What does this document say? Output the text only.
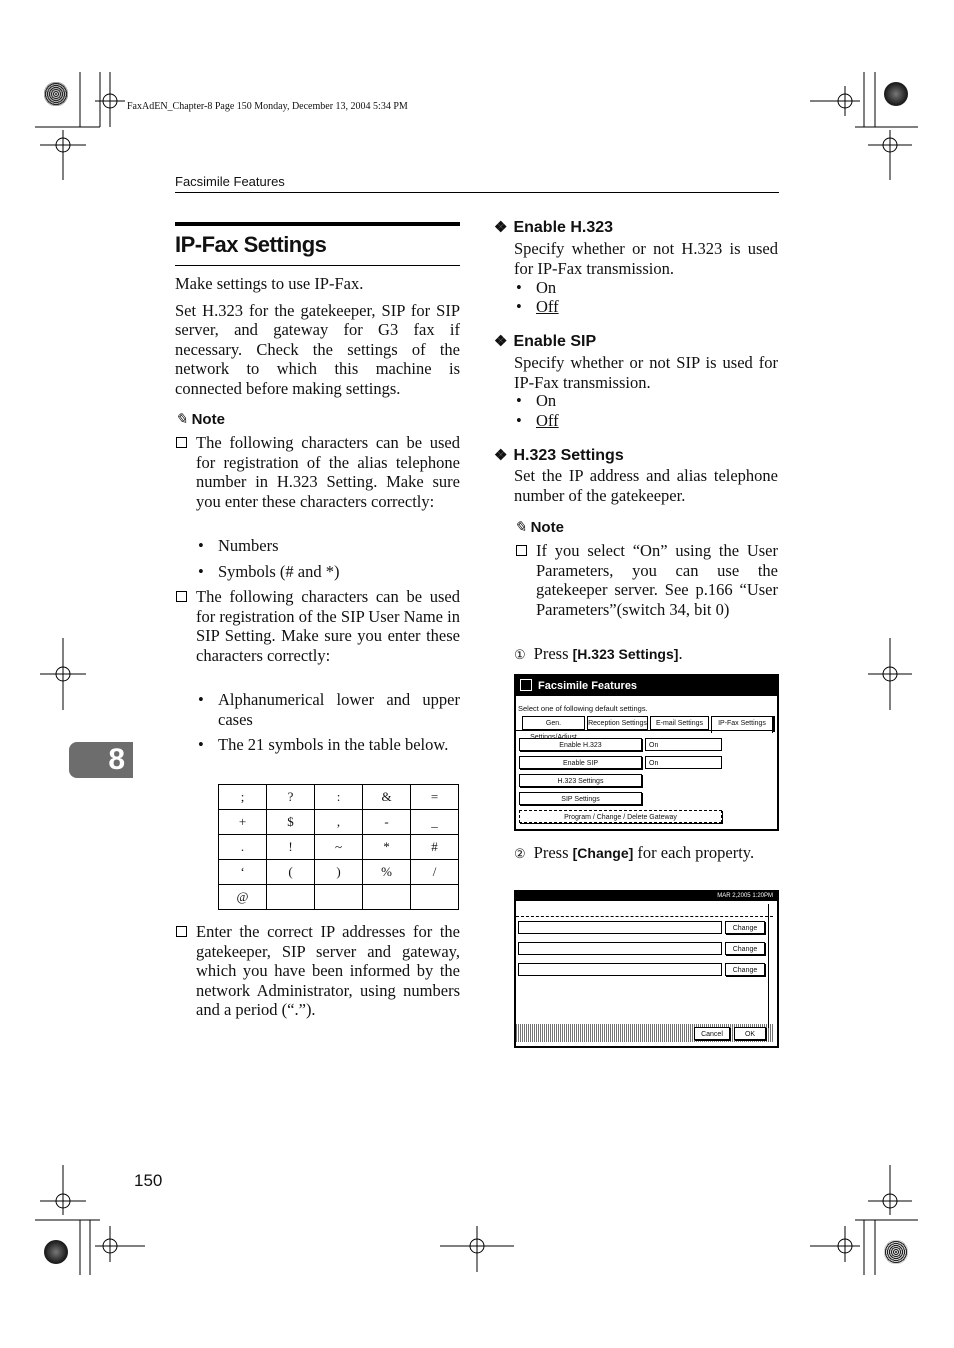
FaxAdEN_Chapter-8 Page 150 Monday, December 13, 2004 5:34 PM
Facsimile Features
8
150
IP-Fax Settings

Make settings to use IP-Fax.

Set H.323 for the gatekeeper, SIP for SIP server, and gateway for G3 fax if necessary. Check the settings of the network to which this machine is connected before making settings.

✎ Note
The following characters can be used for registration of the alias telephone number in H.323 Setting. Make sure you enter these characters correctly:
• Numbers
• Symbols (# and *)
The following characters can be used for registration of the SIP User Name in SIP Setting. Make sure you enter these characters correctly:
• Alphanumerical lower and upper cases
• The 21 symbols in the table below.
;	?	:	&	=
+	$	,	-	_
.	!	~	*	#
‘	(	)	%	/
@				
Enter the correct IP addresses for the gatekeeper, SIP server and gateway, which you have been informed by the network Administrator, using numbers and a period (“.”).
❖ Enable H.323
Specify whether or not H.323 is used for IP-Fax transmission.
• On
• Off
❖ Enable SIP
Specify whether or not SIP is used for IP-Fax transmission.
• On
• Off
❖ H.323 Settings
Set the IP address and alias telephone number of the gatekeeper.
✎ Note
If you select “On” using the User Parameters, you can use the gatekeeper server. See p.166 “User Parameters”(switch 34, bit 0)
① Press [H.323 Settings].
Facsimile Features
Select one of following default settings.
Gen.	Reception Settings	E-mail Settings	IP-Fax Settings
Enable H.323	On
Enable SIP	On
H.323 Settings
SIP Settings
Program / Change / Delete Gateway
② Press [Change] for each property.
MAR 2,2005 1:20PM
Change
Change
Change
Cancel	OK
